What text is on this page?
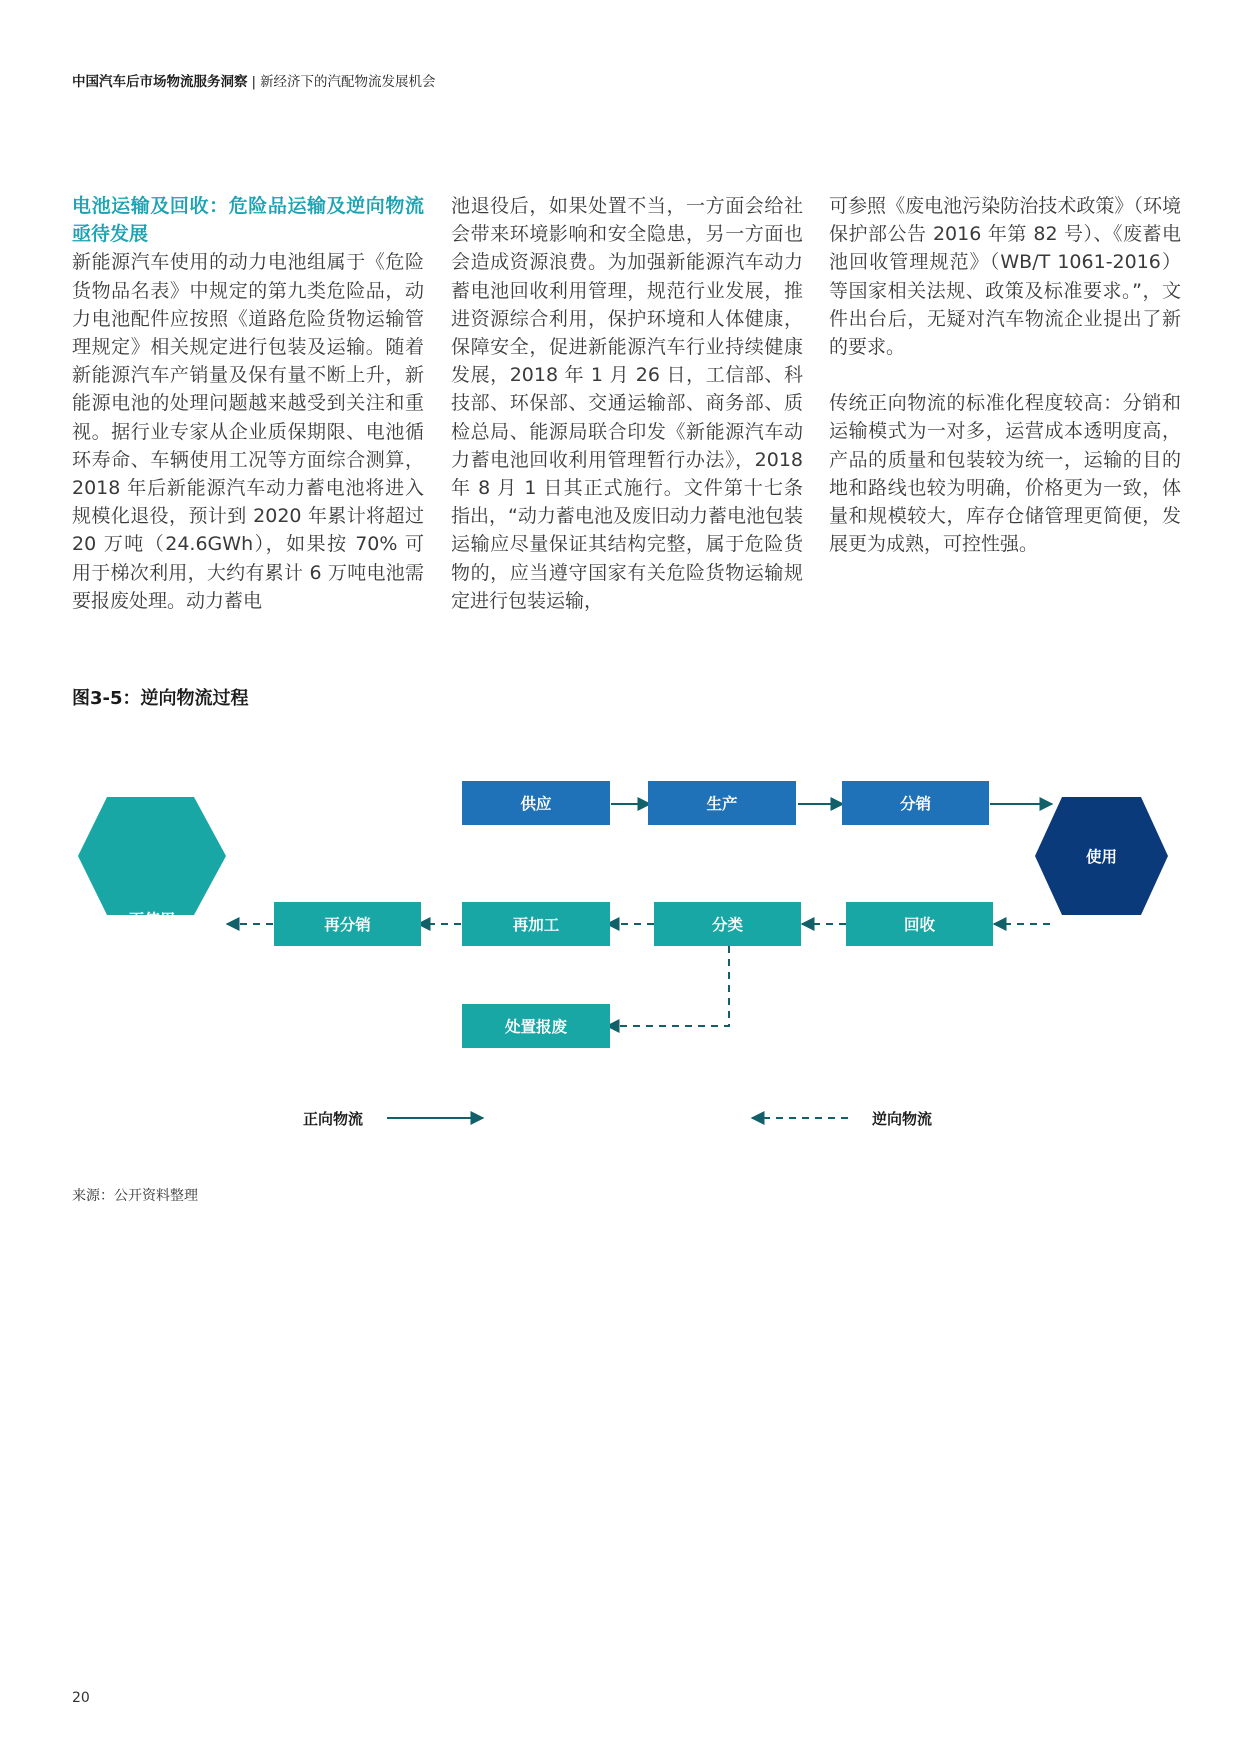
中国汽车后市场物流服务洞察 | 新经济下的汽配物流发展机会

电池运输及回收：危险品运输及逆向物流亟待发展

新能源汽车使用的动力电池组属于《危险货物品名表》中规定的第九类危险品，动力电池配件应按照《道路危险货物运输管理规定》相关规定进行包装及运输。随着新能源汽车产销量及保有量不断上升，新能源电池的处理问题越来越受到关注和重视。据行业专家从企业质保期限、电池循环寿命、车辆使用工况等方面综合测算，2018 年后新能源汽车动力蓄电池将进入规模化退役，预计到 2020 年累计将超过 20 万吨（24.6GWh），如果按 70% 可用于梯次利用，大约有累计 6 万吨电池需要报废处理。动力蓄电

池退役后，如果处置不当，一方面会给社会带来环境影响和安全隐患，另一方面也会造成资源浪费。为加强新能源汽车动力蓄电池回收利用管理，规范行业发展，推进资源综合利用，保护环境和人体健康，保障安全，促进新能源汽车行业持续健康发展，2018 年 1 月 26 日，工信部、科技部、环保部、交通运输部、商务部、质检总局、能源局联合印发《新能源汽车动力蓄电池回收利用管理暂行办法》，2018 年 8 月 1 日其正式施行。文件第十七条指出，“动力蓄电池及废旧动力蓄电池包装运输应尽量保证其结构完整，属于危险货物的，应当遵守国家有关危险货物运输规定进行包装运输，

可参照《废电池污染防治技术政策》（环境保护部公告 2016 年第 82 号）、《废蓄电池回收管理规范》（WB/T 1061-2016）等国家相关法规、政策及标准要求。”，文件出台后，无疑对汽车物流企业提出了新的要求。

传统正向物流的标准化程度较高：分销和运输模式为一对多，运营成本透明度高，产品的质量和包装较为统一，运输的目的地和路线也较为明确，价格更为一致，体量和规模较大，库存仓储管理更简便，发展更为成熟，可控性强。

图3-5：逆向物流过程
供应	生产	分销
使用
回收
分类
再加工
再分销
再使用
处置报废
正向物流	逆向物流
来源：公开资料整理
20
